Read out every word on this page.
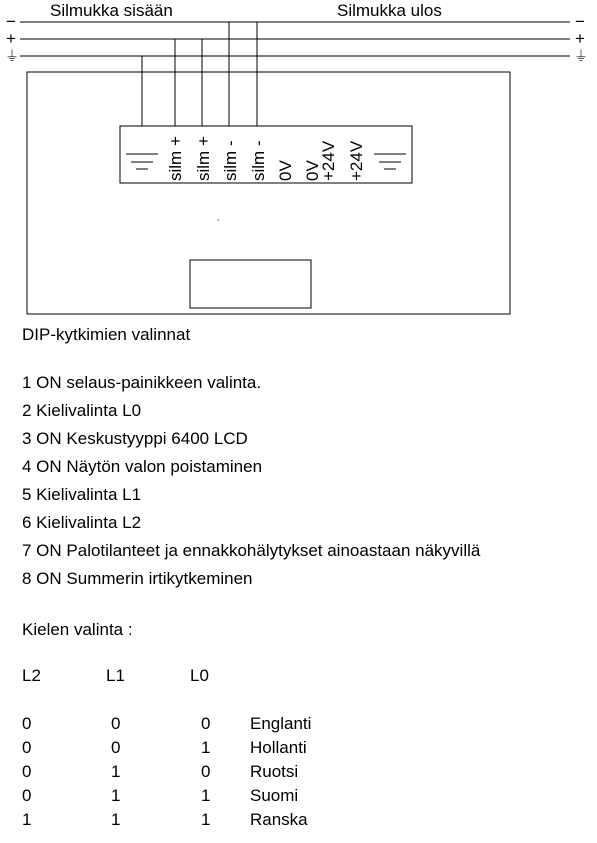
silm + silm + silm - silm - 0V 0V
+24V +24V
Silmukka sisään	Silmukka ulos
−
+
⏚
−
+
⏚
DIP-kytkimien valinnat
1 ON selaus-painikkeen valinta.
2 Kielivalinta L0
3 ON Keskustyyppi 6400 LCD
4 ON Näytön valon poistaminen
5 Kielivalinta L1
6 Kielivalinta L2
7 ON Palotilanteet ja ennakkohälytykset ainoastaan näkyvillä
8 ON Summerin irtikytkeminen
Kielen valinta :
L2	L1	L0
0	0	0 Englanti
0	0	1 Hollanti
0	1	0 Ruotsi
0	1	1 Suomi
1	1	1 Ranska
